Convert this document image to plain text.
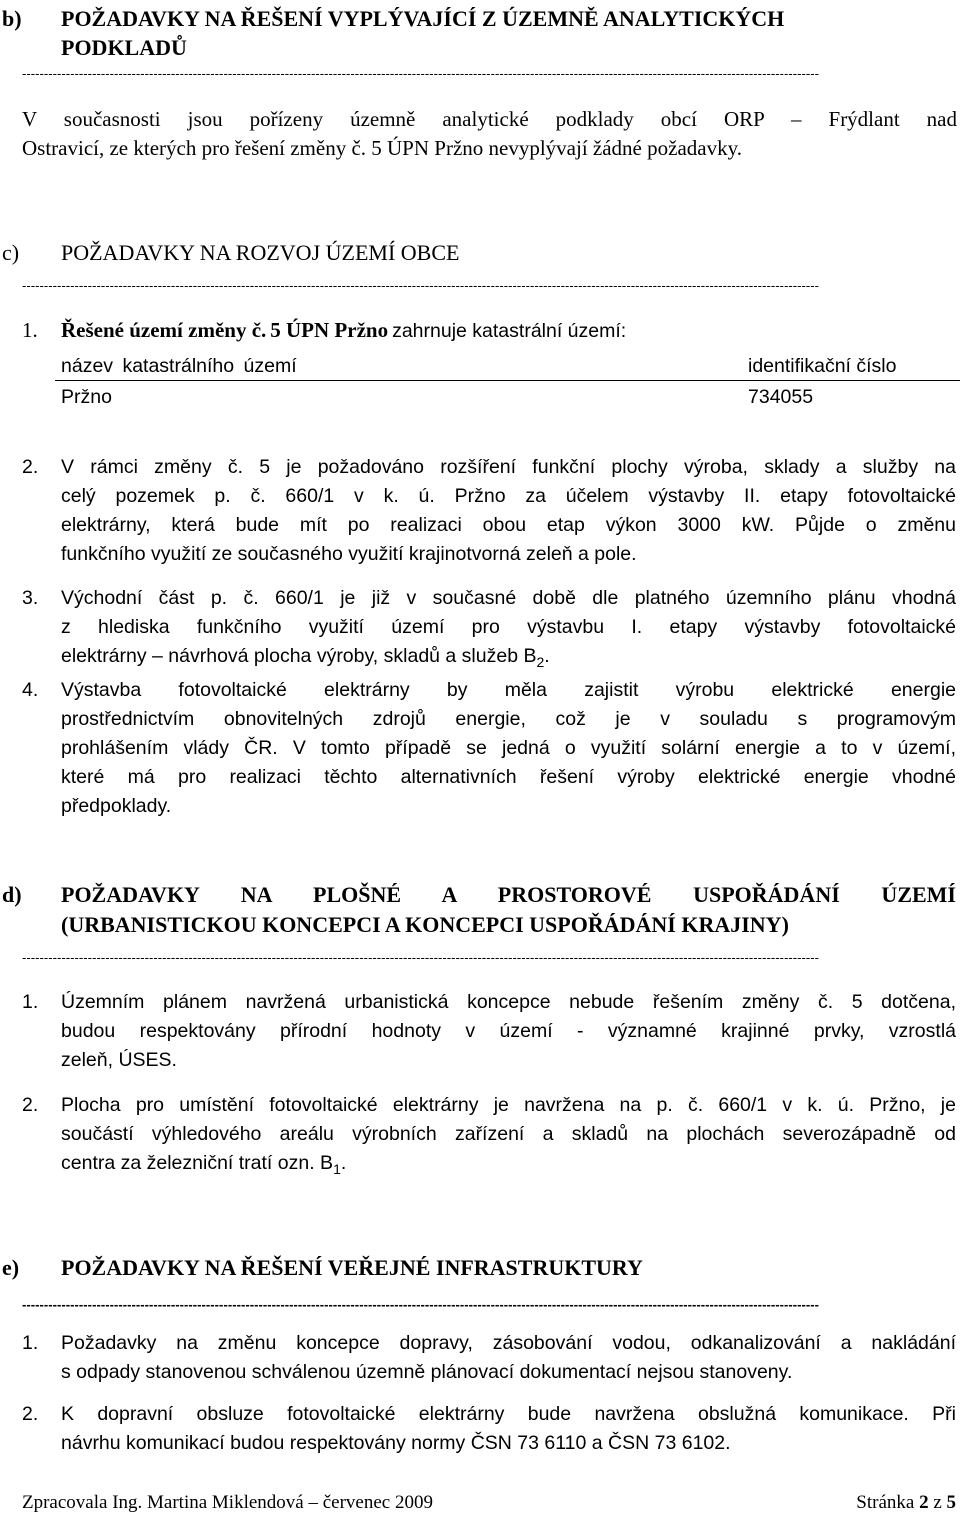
b) POŽADAVKY NA ŘEŠENÍ VYPLÝVAJÍCÍ Z ÚZEMNĚ ANALYTICKÝCH
PODKLADŮ
--------------------------------------------------------------------------------------------------------------------------------------------------------------------------------------
V současnosti jsou pořízeny územně analytické podklady obcí ORP – Frýdlant nad
Ostravicí, ze kterých pro řešení změny č. 5 ÚPN Pržno nevyplývají žádné požadavky.
c) POŽADAVKY NA ROZVOJ ÚZEMÍ OBCE
--------------------------------------------------------------------------------------------------------------------------------------------------------------------------------------
1. Řešené území změny č. 5 ÚPN Pržno zahrnuje katastrální území:
název katastrálního území	identifikační číslo
Pržno	734055
2. V rámci změny č. 5 je požadováno rozšíření funkční plochy výroba, sklady a služby na
celý pozemek p. č. 660/1 v k. ú. Pržno za účelem výstavby II. etapy fotovoltaické
elektrárny, která bude mít po realizaci obou etap výkon 3000 kW. Půjde o změnu
funkčního využití ze současného využití krajinotvorná zeleň a pole.
3. Východní část p. č. 660/1 je již v současné době dle platného územního plánu vhodná
z hlediska funkčního využití území pro výstavbu I. etapy výstavby fotovoltaické
elektrárny – návrhová plocha výroby, skladů a služeb $B_2$.
4. Výstavba fotovoltaické elektrárny by měla zajistit výrobu elektrické energie
prostřednictvím obnovitelných zdrojů energie, což je v souladu s programovým
prohlášením vlády ČR. V tomto případě se jedná o využití solární energie a to v území,
které má pro realizaci těchto alternativních řešení výroby elektrické energie vhodné
předpoklady.
d) POŽADAVKY NA PLOŠNÉ A PROSTOROVÉ USPOŘÁDÁNÍ ÚZEMÍ
(URBANISTICKOU KONCEPCI A KONCEPCI USPOŘÁDÁNÍ KRAJINY)
--------------------------------------------------------------------------------------------------------------------------------------------------------------------------------------
1. Územním plánem navržená urbanistická koncepce nebude řešením změny č. 5 dotčena,
budou respektovány přírodní hodnoty v území - významné krajinné prvky, vzrostlá
zeleň, ÚSES.
2. Plocha pro umístění fotovoltaické elektrárny je navržena na p. č. 660/1 v k. ú. Pržno, je
součástí výhledového areálu výrobních zařízení a skladů na plochách severozápadně od
centra za železniční tratí ozn. $B_1$.
e) POŽADAVKY NA ŘEŠENÍ VEŘEJNÉ INFRASTRUKTURY
--------------------------------------------------------------------------------------------------------------------------------------------------------------------------------------
1. Požadavky na změnu koncepce dopravy, zásobování vodou, odkanalizování a nakládání
s odpady stanovenou schválenou územně plánovací dokumentací nejsou stanoveny.
2. K dopravní obsluze fotovoltaické elektrárny bude navržena obslužná komunikace. Při
návrhu komunikací budou respektovány normy ČSN 73 6110 a ČSN 73 6102.
Zpracovala Ing. Martina Miklendová – červenec 2009	Stránka 2 z 5
